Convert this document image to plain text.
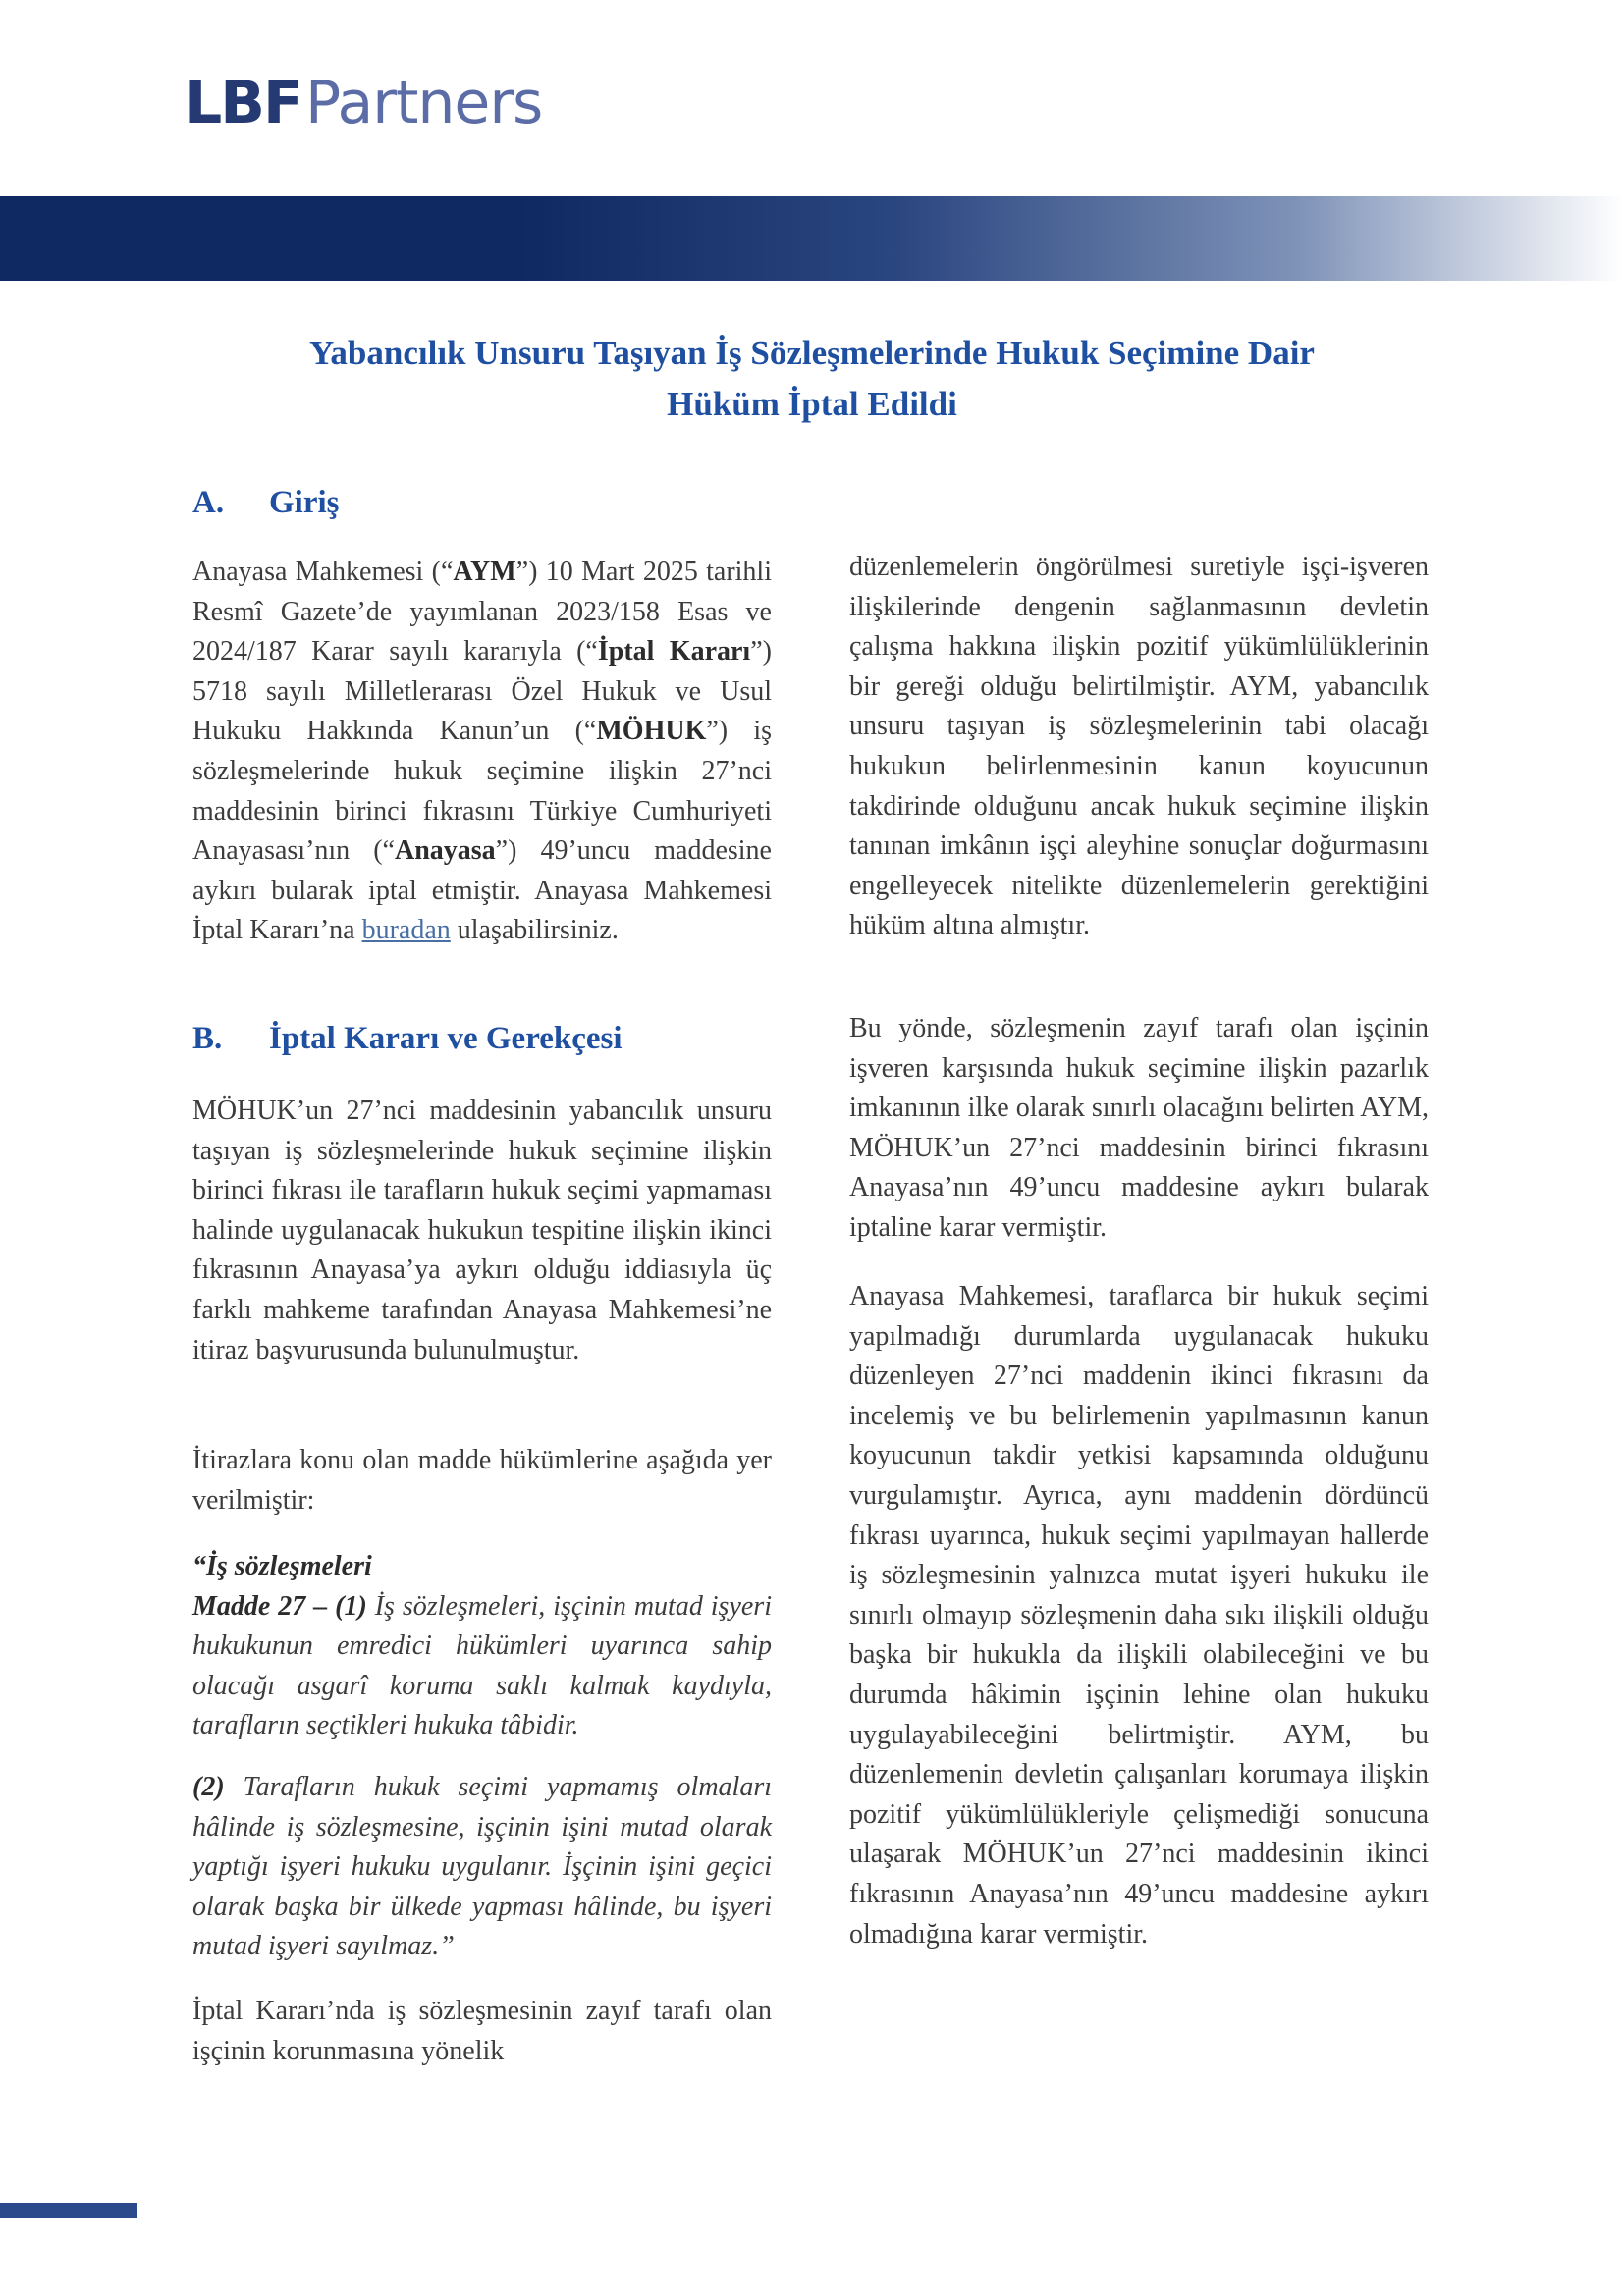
LBFPartners
Yabancılık Unsuru Taşıyan İş Sözleşmelerinde Hukuk Seçimine Dair
Hüküm İptal Edildi
A. Giriş
Anayasa Mahkemesi (“AYM”) 10 Mart 2025 tarihli Resmî Gazete’de yayımlanan 2023/158 Esas ve 2024/187 Karar sayılı kararıyla (“İptal Kararı”) 5718 sayılı Milletlerarası Özel Hukuk ve Usul Hukuku Hakkında Kanun’un (“MÖHUK”) iş sözleşmelerinde hukuk seçimine ilişkin 27’nci maddesinin birinci fıkrasını Türkiye Cumhuriyeti Anayasası’nın (“Anayasa”) 49’uncu maddesine aykırı bularak iptal etmiştir. Anayasa Mahkemesi İptal Kararı’na buradan ulaşabilirsiniz.
B. İptal Kararı ve Gerekçesi
MÖHUK’un 27’nci maddesinin yabancılık unsuru taşıyan iş sözleşmelerinde hukuk seçimine ilişkin birinci fıkrası ile tarafların hukuk seçimi yapmaması halinde uygulanacak hukukun tespitine ilişkin ikinci fıkrasının Anayasa’ya aykırı olduğu iddiasıyla üç farklı mahkeme tarafından Anayasa Mahkemesi’ne itiraz başvurusunda bulunulmuştur.
İtirazlara konu olan madde hükümlerine aşağıda yer verilmiştir:
“İş sözleşmeleri
Madde 27 – (1) İş sözleşmeleri, işçinin mutad işyeri hukukunun emredici hükümleri uyarınca sahip olacağı asgarî koruma saklı kalmak kaydıyla, tarafların seçtikleri hukuka tâbidir.
(2) Tarafların hukuk seçimi yapmamış olmaları hâlinde iş sözleşmesine, işçinin işini mutad olarak yaptığı işyeri hukuku uygulanır. İşçinin işini geçici olarak başka bir ülkede yapması hâlinde, bu işyeri mutad işyeri sayılmaz.”
İptal Kararı’nda iş sözleşmesinin zayıf tarafı olan işçinin korunmasına yönelik
düzenlemelerin öngörülmesi suretiyle işçi-işveren ilişkilerinde dengenin sağlanmasının devletin çalışma hakkına ilişkin pozitif yükümlülüklerinin bir gereği olduğu belirtilmiştir. AYM, yabancılık unsuru taşıyan iş sözleşmelerinin tabi olacağı hukukun belirlenmesinin kanun koyucunun takdirinde olduğunu ancak hukuk seçimine ilişkin tanınan imkânın işçi aleyhine sonuçlar doğurmasını engelleyecek nitelikte düzenlemelerin gerektiğini hüküm altına almıştır.
Bu yönde, sözleşmenin zayıf tarafı olan işçinin işveren karşısında hukuk seçimine ilişkin pazarlık imkanının ilke olarak sınırlı olacağını belirten AYM, MÖHUK’un 27’nci maddesinin birinci fıkrasını Anayasa’nın 49’uncu maddesine aykırı bularak iptaline karar vermiştir.
Anayasa Mahkemesi, taraflarca bir hukuk seçimi yapılmadığı durumlarda uygulanacak hukuku düzenleyen 27’nci maddenin ikinci fıkrasını da incelemiş ve bu belirlemenin yapılmasının kanun koyucunun takdir yetkisi kapsamında olduğunu vurgulamıştır. Ayrıca, aynı maddenin dördüncü fıkrası uyarınca, hukuk seçimi yapılmayan hallerde iş sözleşmesinin yalnızca mutat işyeri hukuku ile sınırlı olmayıp sözleşmenin daha sıkı ilişkili olduğu başka bir hukukla da ilişkili olabileceğini ve bu durumda hâkimin işçinin lehine olan hukuku uygulayabileceğini belirtmiştir. AYM, bu düzenlemenin devletin çalışanları korumaya ilişkin pozitif yükümlülükleriyle çelişmediği sonucuna ulaşarak MÖHUK’un 27’nci maddesinin ikinci fıkrasının Anayasa’nın 49’uncu maddesine aykırı olmadığına karar vermiştir.
